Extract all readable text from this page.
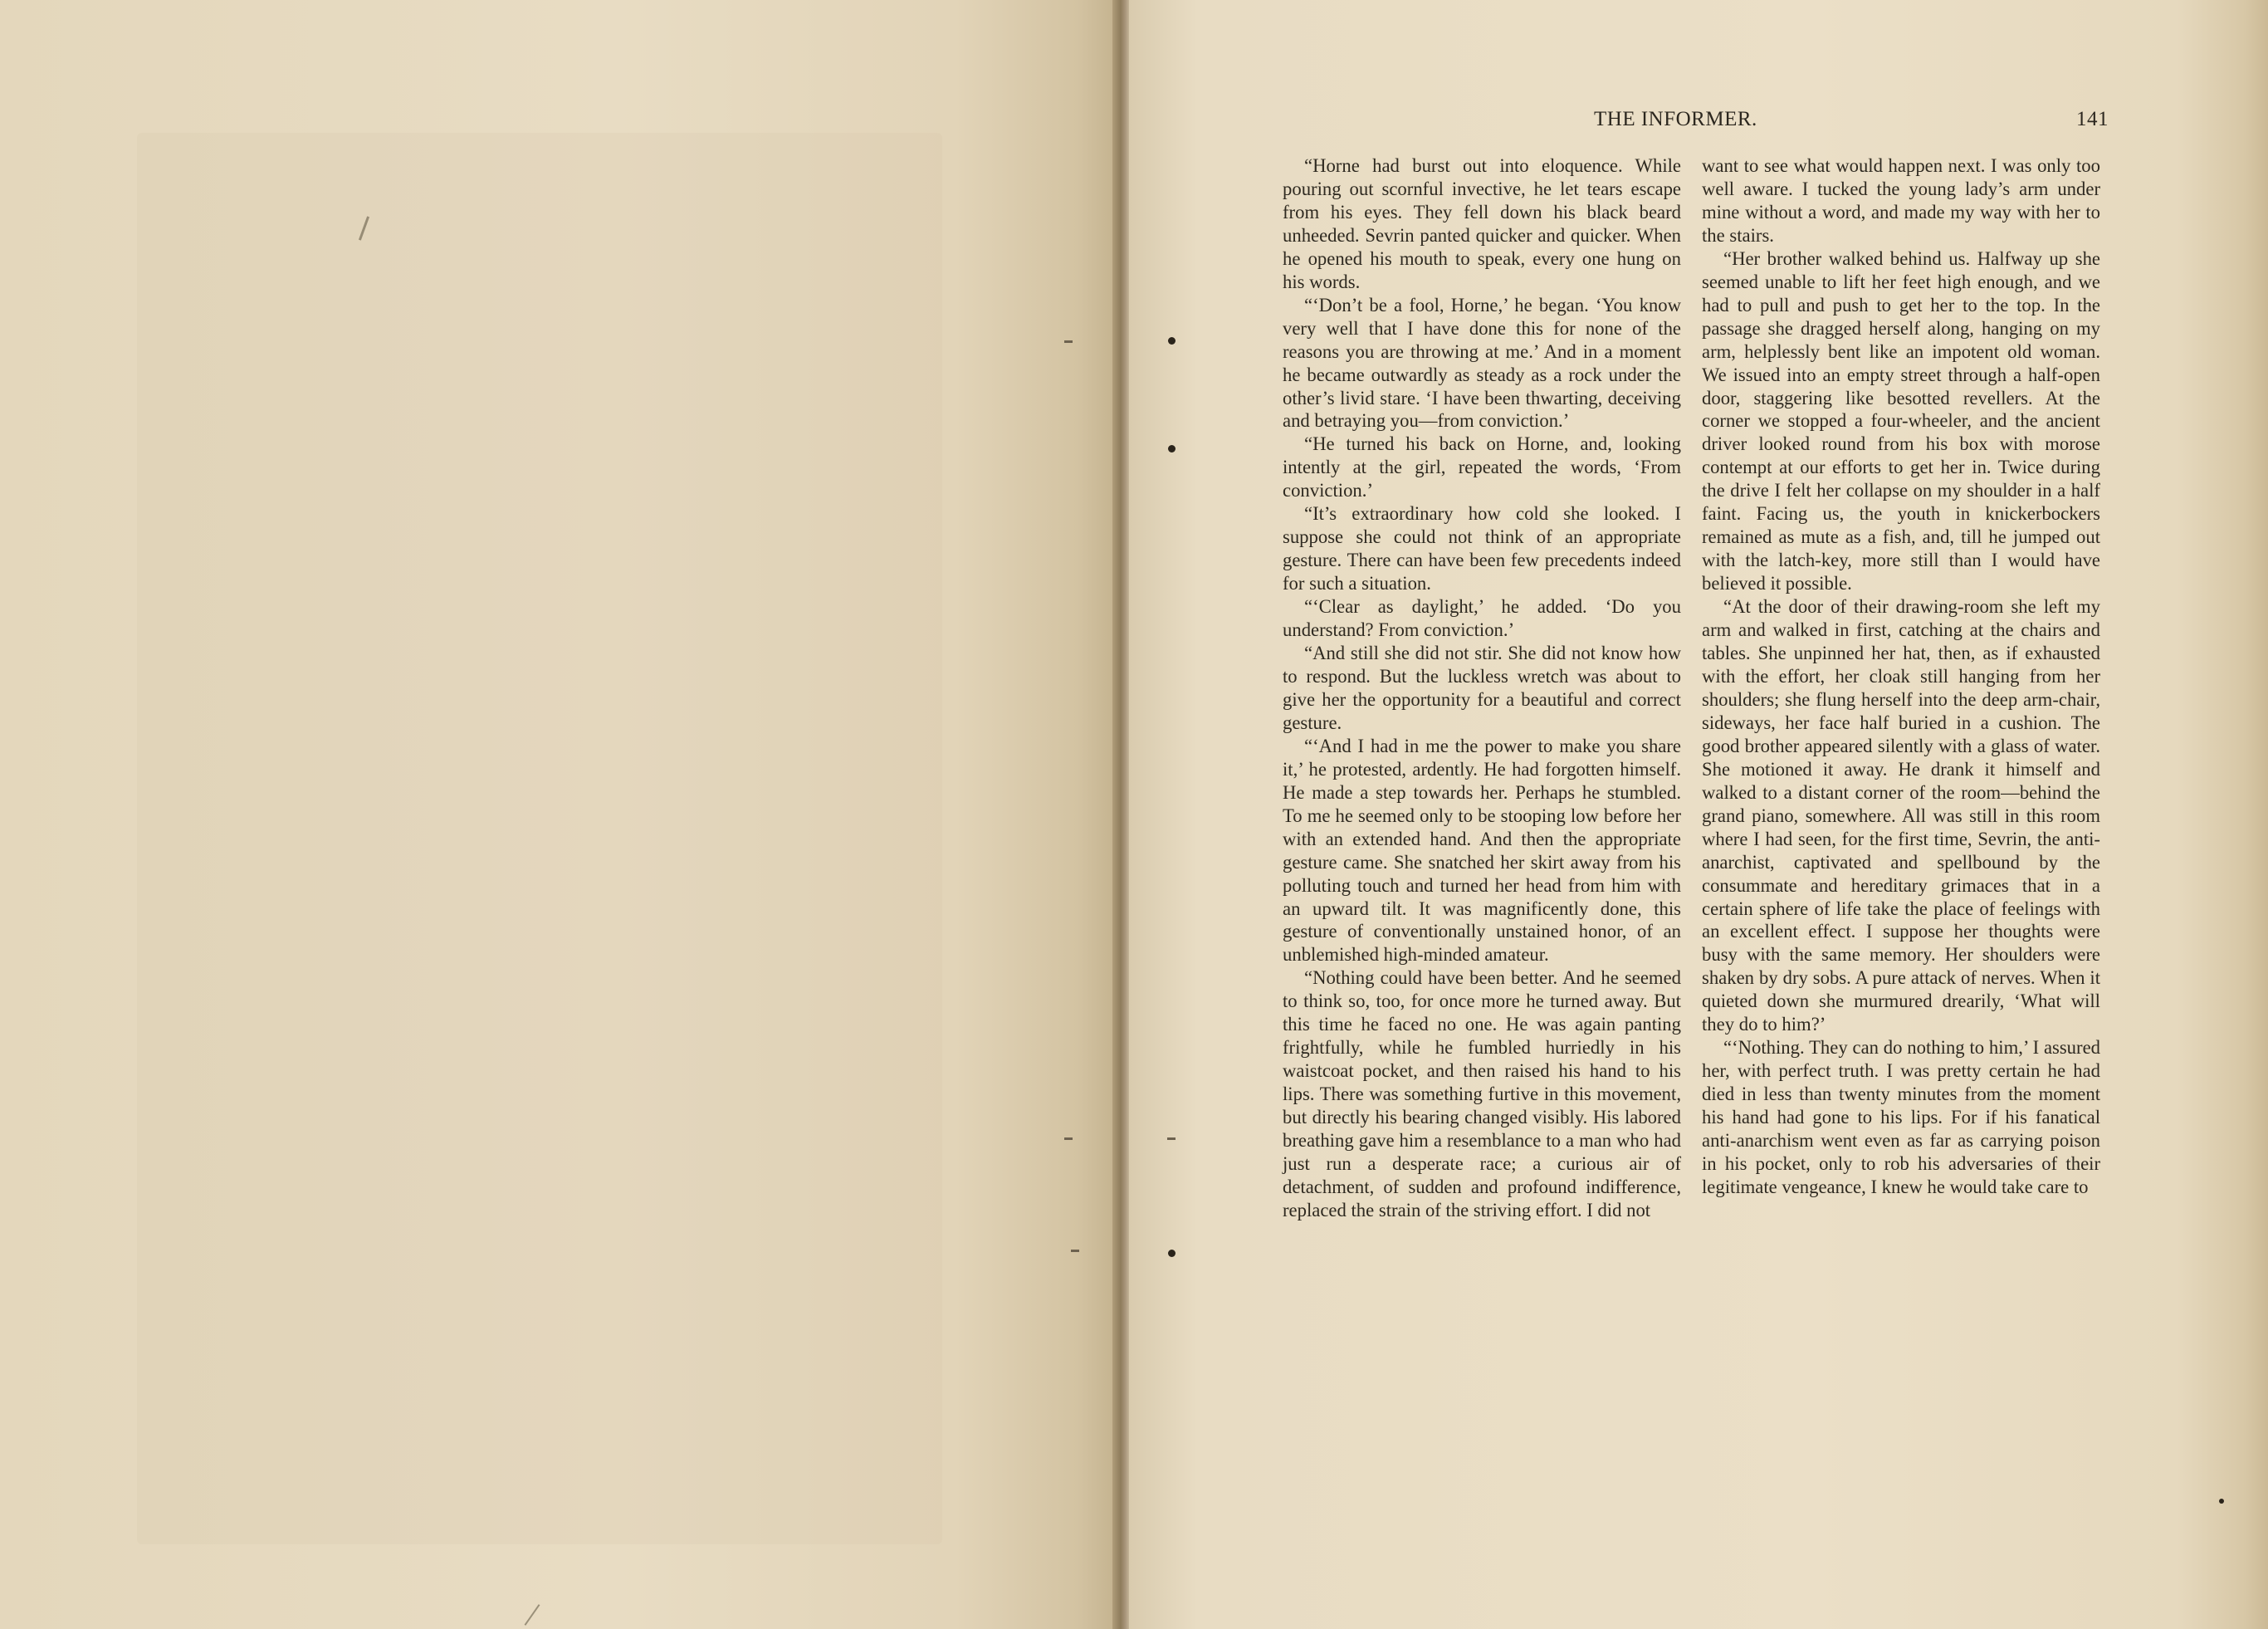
THE INFORMER.	141

“Horne had burst out into eloquence. While pouring out scornful invective, he let tears escape from his eyes. They fell down his black beard unheeded. Sevrin panted quicker and quicker. When he opened his mouth to speak, every one hung on his words.

“‘Don’t be a fool, Horne,’ he began. ‘You know very well that I have done this for none of the reasons you are throwing at me.’ And in a moment he became outwardly as steady as a rock under the other’s livid stare. ‘I have been thwarting, deceiving and betraying you—from conviction.’

“He turned his back on Horne, and, looking intently at the girl, repeated the words, ‘From conviction.’

“It’s extraordinary how cold she looked. I suppose she could not think of an appropriate gesture. There can have been few precedents indeed for such a situation.

“‘Clear as daylight,’ he added. ‘Do you understand? From conviction.’

“And still she did not stir. She did not know how to respond. But the luckless wretch was about to give her the opportunity for a beautiful and correct gesture.

“‘And I had in me the power to make you share it,’ he protested, ardently. He had forgotten himself. He made a step towards her. Perhaps he stumbled. To me he seemed only to be stooping low before her with an extended hand. And then the appropriate gesture came. She snatched her skirt away from his polluting touch and turned her head from him with an upward tilt. It was magnificently done, this gesture of conventionally unstained honor, of an unblemished high-minded amateur.

“Nothing could have been better. And he seemed to think so, too, for once more he turned away. But this time he faced no one. He was again panting frightfully, while he fumbled hurriedly in his waistcoat pocket, and then raised his hand to his lips. There was something furtive in this movement, but directly his bearing changed visibly. His labored breathing gave him a resemblance to a man who had just run a desperate race; a curious air of detachment, of sudden and profound indifference, replaced the strain of the striving effort. I did not

want to see what would happen next. I was only too well aware. I tucked the young lady’s arm under mine without a word, and made my way with her to the stairs.

“Her brother walked behind us. Halfway up she seemed unable to lift her feet high enough, and we had to pull and push to get her to the top. In the passage she dragged herself along, hanging on my arm, helplessly bent like an impotent old woman. We issued into an empty street through a half-open door, staggering like besotted revellers. At the corner we stopped a four-wheeler, and the ancient driver looked round from his box with morose contempt at our efforts to get her in. Twice during the drive I felt her collapse on my shoulder in a half faint. Facing us, the youth in knickerbockers remained as mute as a fish, and, till he jumped out with the latch-key, more still than I would have believed it possible.

“At the door of their drawing-room she left my arm and walked in first, catching at the chairs and tables. She unpinned her hat, then, as if exhausted with the effort, her cloak still hanging from her shoulders; she flung herself into the deep arm-chair, sideways, her face half buried in a cushion. The good brother appeared silently with a glass of water. She motioned it away. He drank it himself and walked to a distant corner of the room—behind the grand piano, somewhere. All was still in this room where I had seen, for the first time, Sevrin, the anti-anarchist, captivated and spellbound by the consummate and hereditary grimaces that in a certain sphere of life take the place of feelings with an excellent effect. I suppose her thoughts were busy with the same memory. Her shoulders were shaken by dry sobs. A pure attack of nerves. When it quieted down she murmured drearily, ‘What will they do to him?’

“‘Nothing. They can do nothing to him,’ I assured her, with perfect truth. I was pretty certain he had died in less than twenty minutes from the moment his hand had gone to his lips. For if his fanatical anti-anarchism went even as far as carrying poison in his pocket, only to rob his adversaries of their legitimate vengeance, I knew he would take care to
